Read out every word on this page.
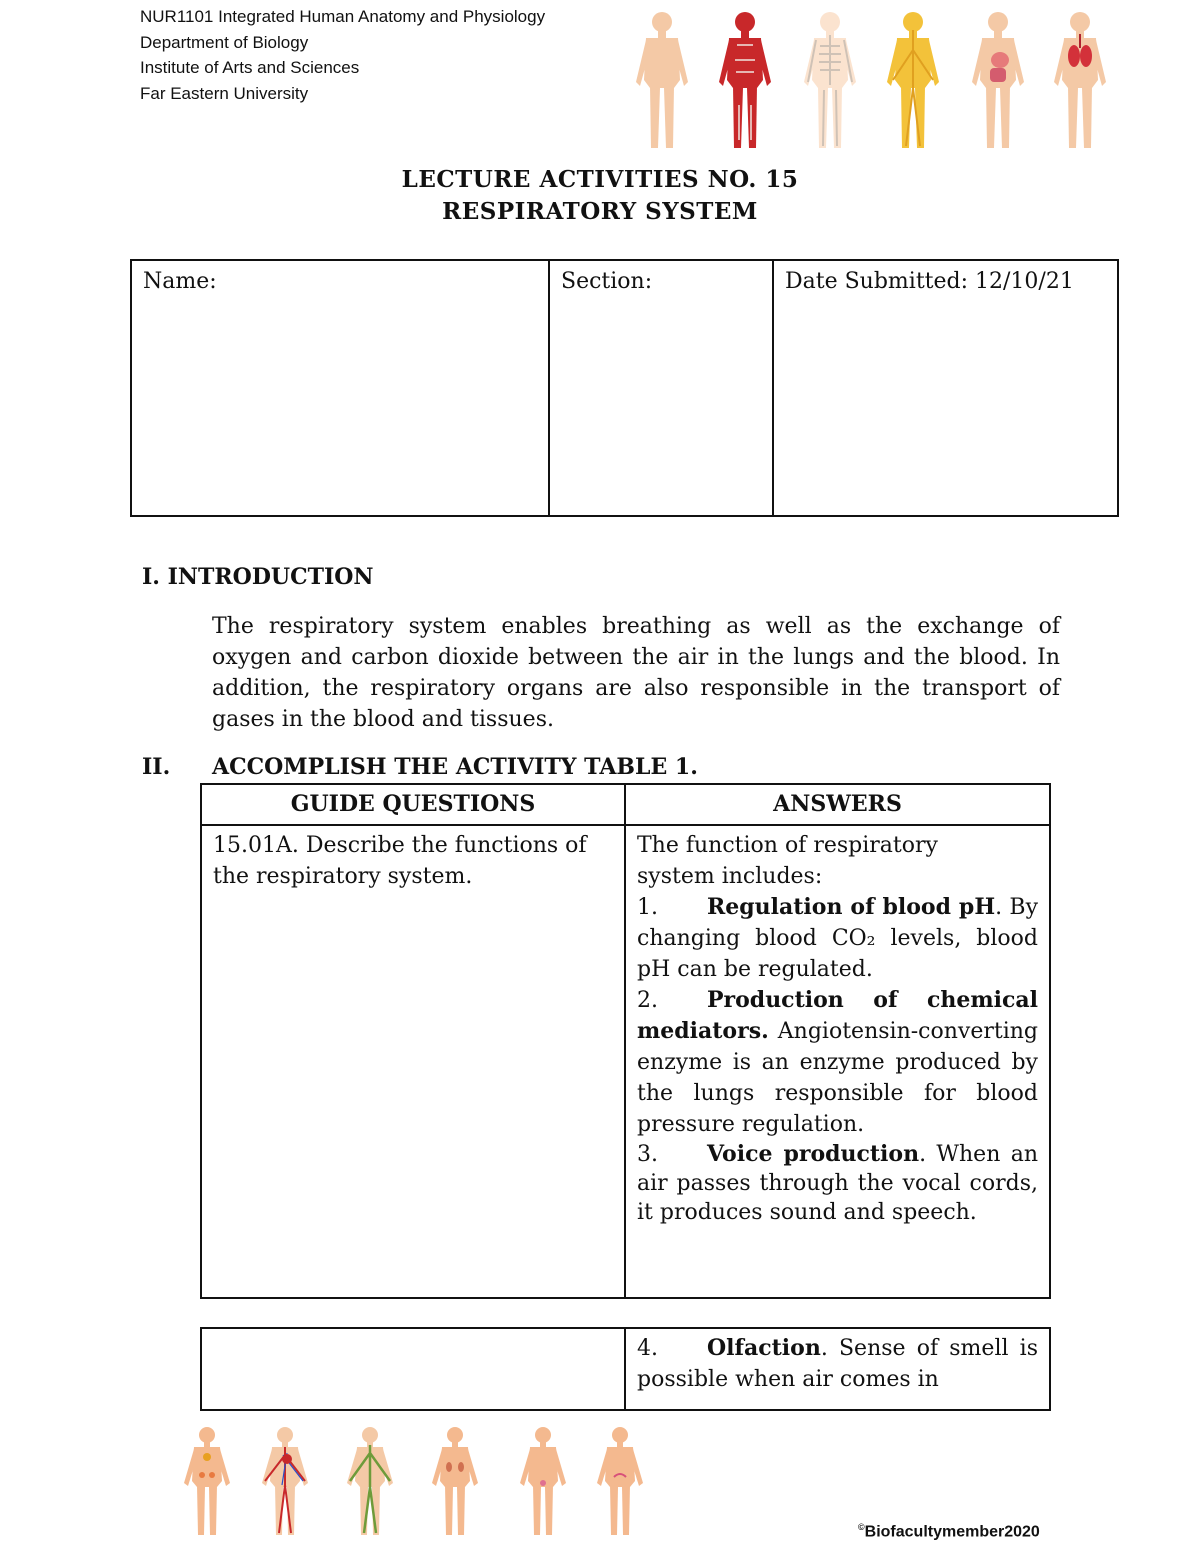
NUR1101 Integrated Human Anatomy and Physiology
Department of Biology
Institute of Arts and Sciences
Far Eastern University
LECTURE ACTIVITIES NO. 15
RESPIRATORY SYSTEM
Name:	Section:	Date Submitted: 12/10/21
I. INTRODUCTION
The respiratory system enables breathing as well as the exchange of oxygen and carbon dioxide between the air in the lungs and the blood. In addition, the respiratory organs are also responsible in the transport of gases in the blood and tissues.
II. ACCOMPLISH THE ACTIVITY TABLE 1.
GUIDE QUESTIONS	ANSWERS
15.01A. Describe the functions of the respiratory system.	The function of respiratory system includes:

1. Regulation of blood pH. By changing blood CO₂ levels, blood pH can be regulated.

2. Production of chemical mediators. Angiotensin-converting enzyme is an enzyme produced by the lungs responsible for blood pressure regulation.

3. Voice production. When an air passes through the vocal cords, it produces sound and speech.

4. Olfaction. Sense of smell is possible when air comes in

©Biofacultymember2020
